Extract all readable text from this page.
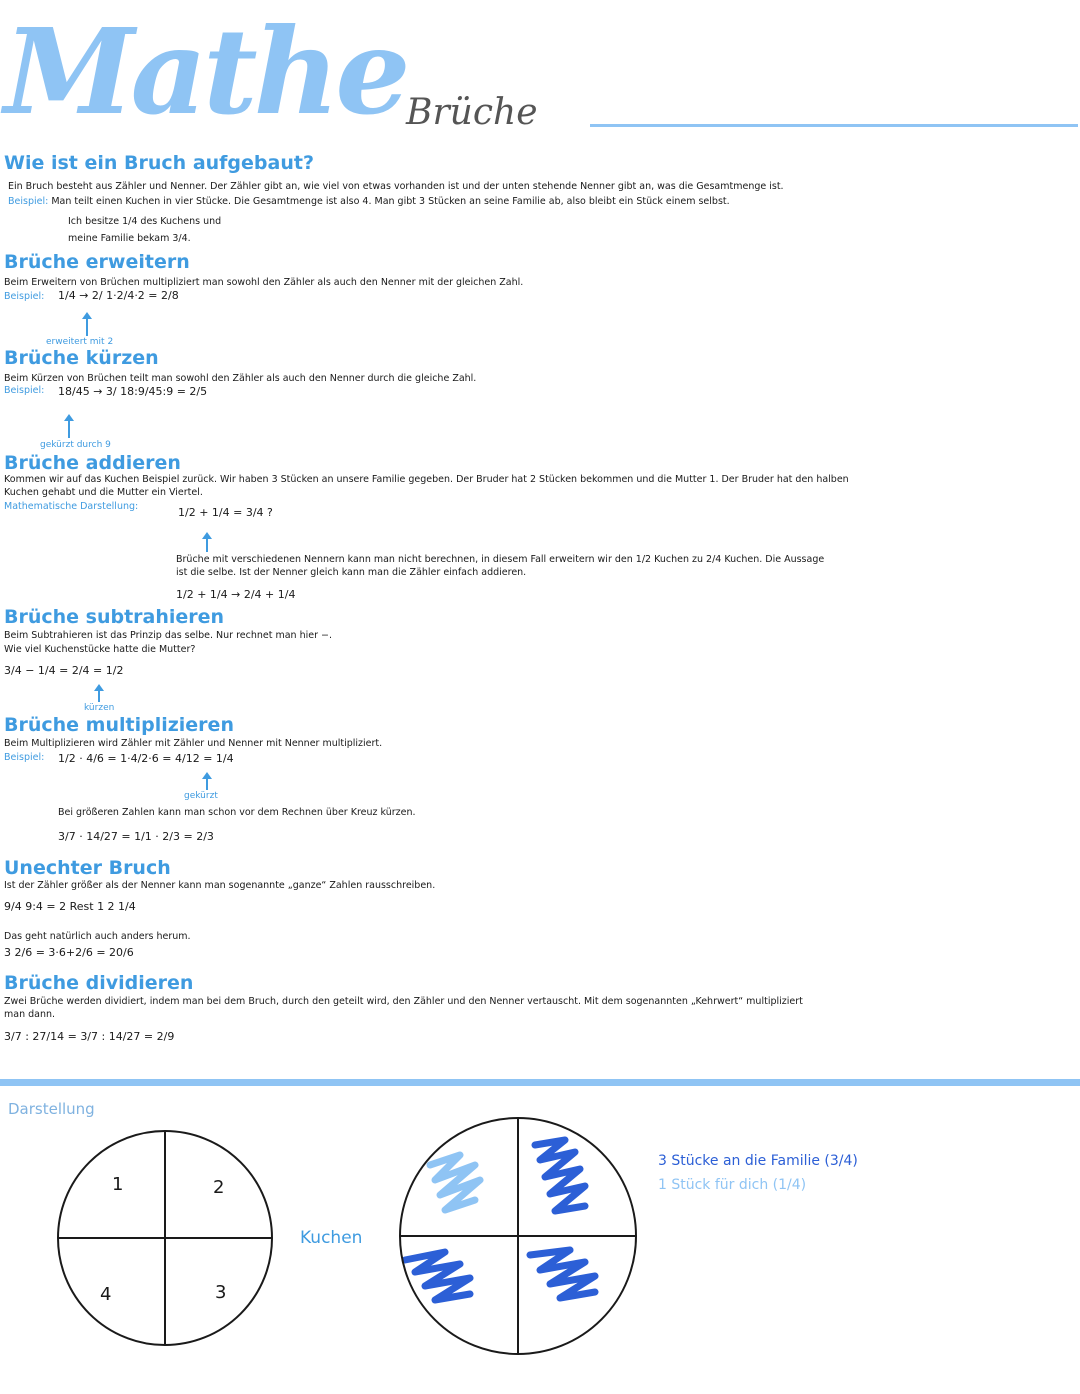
Mathe Brüche
Wie ist ein Bruch aufgebaut?
Ein Bruch besteht aus Zähler und Nenner. Der Zähler gibt an, wie viel von etwas vorhanden ist und der unten stehende Nenner gibt an, was die Gesamtmenge ist.
Beispiel: Man teilt einen Kuchen in vier Stücke. Die Gesamtmenge ist also 4. Man gibt 3 Stücken an seine Familie ab, also bleibt ein Stück einem selbst.
Ich besitze 1/4 des Kuchens und
meine Familie bekam 3/4.
Brüche erweitern
Beim Erweitern von Brüchen multipliziert man sowohl den Zähler als auch den Nenner mit der gleichen Zahl.
Beispiel: 1/4 → 2/ 1·2/4·2 = 2/8
erweitert mit 2
Brüche kürzen
Beim Kürzen von Brüchen teilt man sowohl den Zähler als auch den Nenner durch die gleiche Zahl.
Beispiel: 18/45 → 3/ 18:9/45:9 = 2/5
gekürzt durch 9
Brüche addieren
Kommen wir auf das Kuchen Beispiel zurück. Wir haben 3 Stücken an unsere Familie gegeben. Der Bruder hat 2 Stücken bekommen und die Mutter 1. Der Bruder hat den halben
Kuchen gehabt und die Mutter ein Viertel.
Mathematische Darstellung:	1/2 + 1/4 = 3/4 ?
Brüche mit verschiedenen Nennern kann man nicht berechnen, in diesem Fall erweitern wir den 1/2 Kuchen zu 2/4 Kuchen. Die Aussage
ist die selbe. Ist der Nenner gleich kann man die Zähler einfach addieren.
1/2 + 1/4 → 2/4 + 1/4
Brüche subtrahieren
Beim Subtrahieren ist das Prinzip das selbe. Nur rechnet man hier −.
Wie viel Kuchenstücke hatte die Mutter?
3/4 − 1/4 = 2/4 = 1/2
kürzen
Brüche multiplizieren
Beim Multiplizieren wird Zähler mit Zähler und Nenner mit Nenner multipliziert.
Beispiel: 1/2 · 4/6 = 1·4/2·6 = 4/12 = 1/4
gekürzt
Bei größeren Zahlen kann man schon vor dem Rechnen über Kreuz kürzen.
3/7 · 14/27 = 1/1 · 2/3 = 2/3
Unechter Bruch
Ist der Zähler größer als der Nenner kann man sogenannte „ganze“ Zahlen rausschreiben.
9/4 9:4 = 2 Rest 1 2 1/4
Das geht natürlich auch anders herum.
3 2/6 = 3·6+2/6 = 20/6
Brüche dividieren
Zwei Brüche werden dividiert, indem man bei dem Bruch, durch den geteilt wird, den Zähler und den Nenner vertauscht. Mit dem sogenannten „Kehrwert“ multipliziert
man dann.
3/7 : 27/14 = 3/7 : 14/27 = 2/9
Darstellung
1	2
3
4
Kuchen
3 Stücke an die Familie (3/4)
1 Stück für dich (1/4)
